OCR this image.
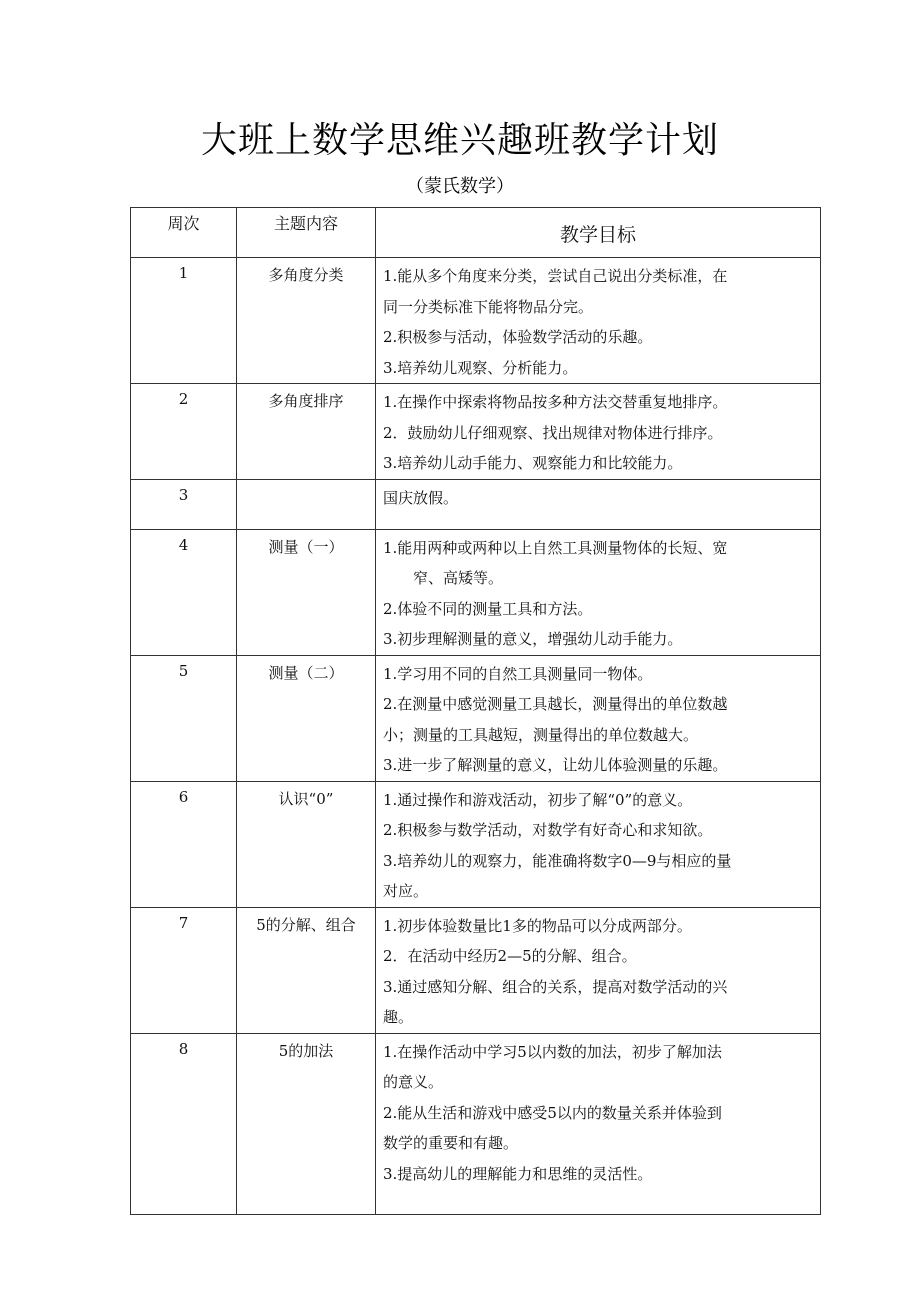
大班上数学思维兴趣班教学计划
（蒙氏数学）
周次	主题内容	教学目标
1	多角度分类	1.能从多个角度来分类，尝试自己说出分类标准，在
同一分类标准下能将物品分完。
2.积极参与活动，体验数学活动的乐趣。
3.培养幼儿观察、分析能力。

2	多角度排序	1.在操作中探索将物品按多种方法交替重复地排序。
2．鼓励幼儿仔细观察、找出规律对物体进行排序。
3.培养幼儿动手能力、观察能力和比较能力。

3		国庆放假。

4	测量（一）	1.能用两种或两种以上自然工具测量物体的长短、宽
窄、高矮等。
2.体验不同的测量工具和方法。
3.初步理解测量的意义，增强幼儿动手能力。

5	测量（二）	1.学习用不同的自然工具测量同一物体。
2.在测量中感觉测量工具越长，测量得出的单位数越
小；测量的工具越短，测量得出的单位数越大。
3.进一步了解测量的意义，让幼儿体验测量的乐趣。

6	认识“0”	1.通过操作和游戏活动，初步了解“0”的意义。
2.积极参与数学活动，对数学有好奇心和求知欲。
3.培养幼儿的观察力，能准确将数字0—9与相应的量
对应。

7	5的分解、组合	1.初步体验数量比1多的物品可以分成两部分。
2．在活动中经历2—5的分解、组合。
3.通过感知分解、组合的关系，提高对数学活动的兴
趣。

8	5的加法	1.在操作活动中学习5以内数的加法，初步了解加法
的意义。
2.能从生活和游戏中感受5以内的数量关系并体验到
数学的重要和有趣。
3.提高幼儿的理解能力和思维的灵活性。
